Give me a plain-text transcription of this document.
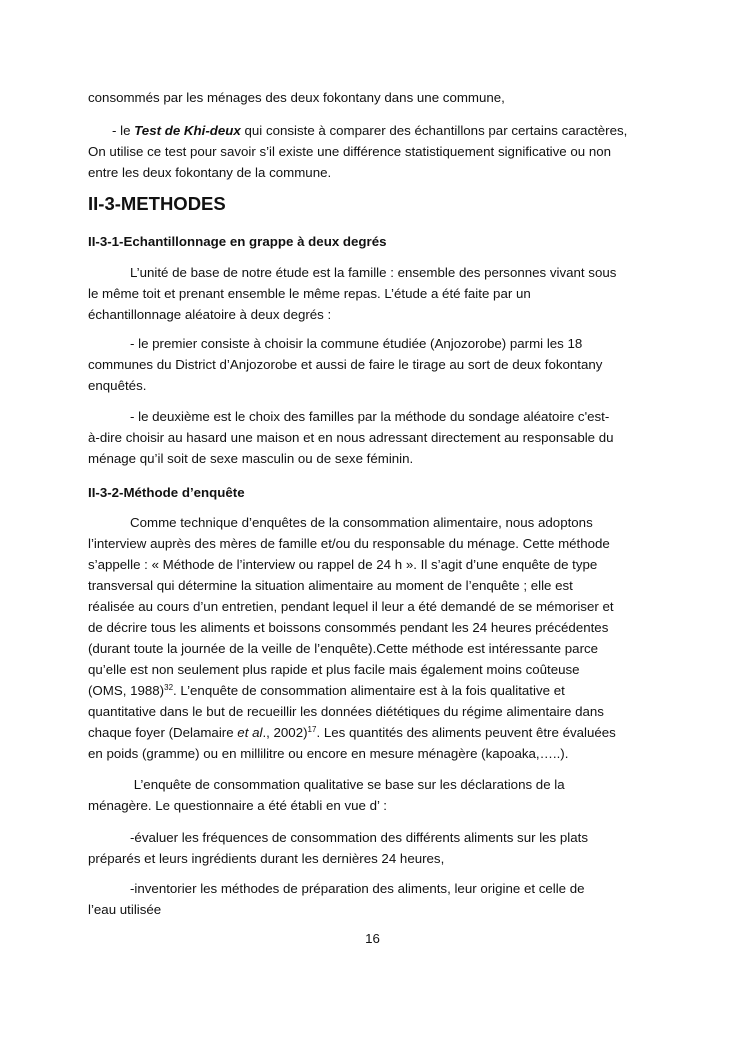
consommés par les ménages des deux fokontany dans une commune,

- le Test de Khi-deux qui consiste à comparer des échantillons par certains caractères,
On utilise ce test pour savoir s’il existe une différence statistiquement significative ou non
entre les deux fokontany de la commune.

II-3-METHODES
II-3-1-Echantillonnage en grappe à deux degrés

L’unité de base de notre étude est la famille : ensemble des personnes vivant sous
le même toit et prenant ensemble le même repas. L’étude a été faite par un
échantillonnage aléatoire à deux degrés :

- le premier consiste à choisir la commune étudiée (Anjozorobe) parmi les 18
communes du District d’Anjozorobe et aussi de faire le tirage au sort de deux fokontany
enquêtés.

- le deuxième est le choix des familles par la méthode du sondage aléatoire c'est-
à-dire choisir au hasard une maison et en nous adressant directement au responsable du
ménage qu’il soit de sexe masculin ou de sexe féminin.

II-3-2-Méthode d’enquête

Comme technique d’enquêtes de la consommation alimentaire, nous adoptons
l’interview auprès des mères de famille et/ou du responsable du ménage. Cette méthode
s’appelle : « Méthode de l’interview ou rappel de 24 h ». Il s’agit d’une enquête de type
transversal qui détermine la situation alimentaire au moment de l’enquête ; elle est
réalisée au cours d’un entretien, pendant lequel il leur a été demandé de se mémoriser et
de décrire tous les aliments et boissons consommés pendant les 24 heures précédentes
(durant toute la journée de la veille de l’enquête).Cette méthode est intéressante parce
qu’elle est non seulement plus rapide et plus facile mais également moins coûteuse
(OMS, 1988)$^{32}$. L’enquête de consommation alimentaire est à la fois qualitative et
quantitative dans le but de recueillir les données diététiques du régime alimentaire dans
chaque foyer (Delamaire et al., 2002)$^{17}$. Les quantités des aliments peuvent être évaluées
en poids (gramme) ou en millilitre ou encore en mesure ménagère (kapoaka,…..).

L’enquête de consommation qualitative se base sur les déclarations de la
ménagère. Le questionnaire a été établi en vue d’ :

-évaluer les fréquences de consommation des différents aliments sur les plats
préparés et leurs ingrédients durant les dernières 24 heures,

-inventorier les méthodes de préparation des aliments, leur origine et celle de
l’eau utilisée

16
